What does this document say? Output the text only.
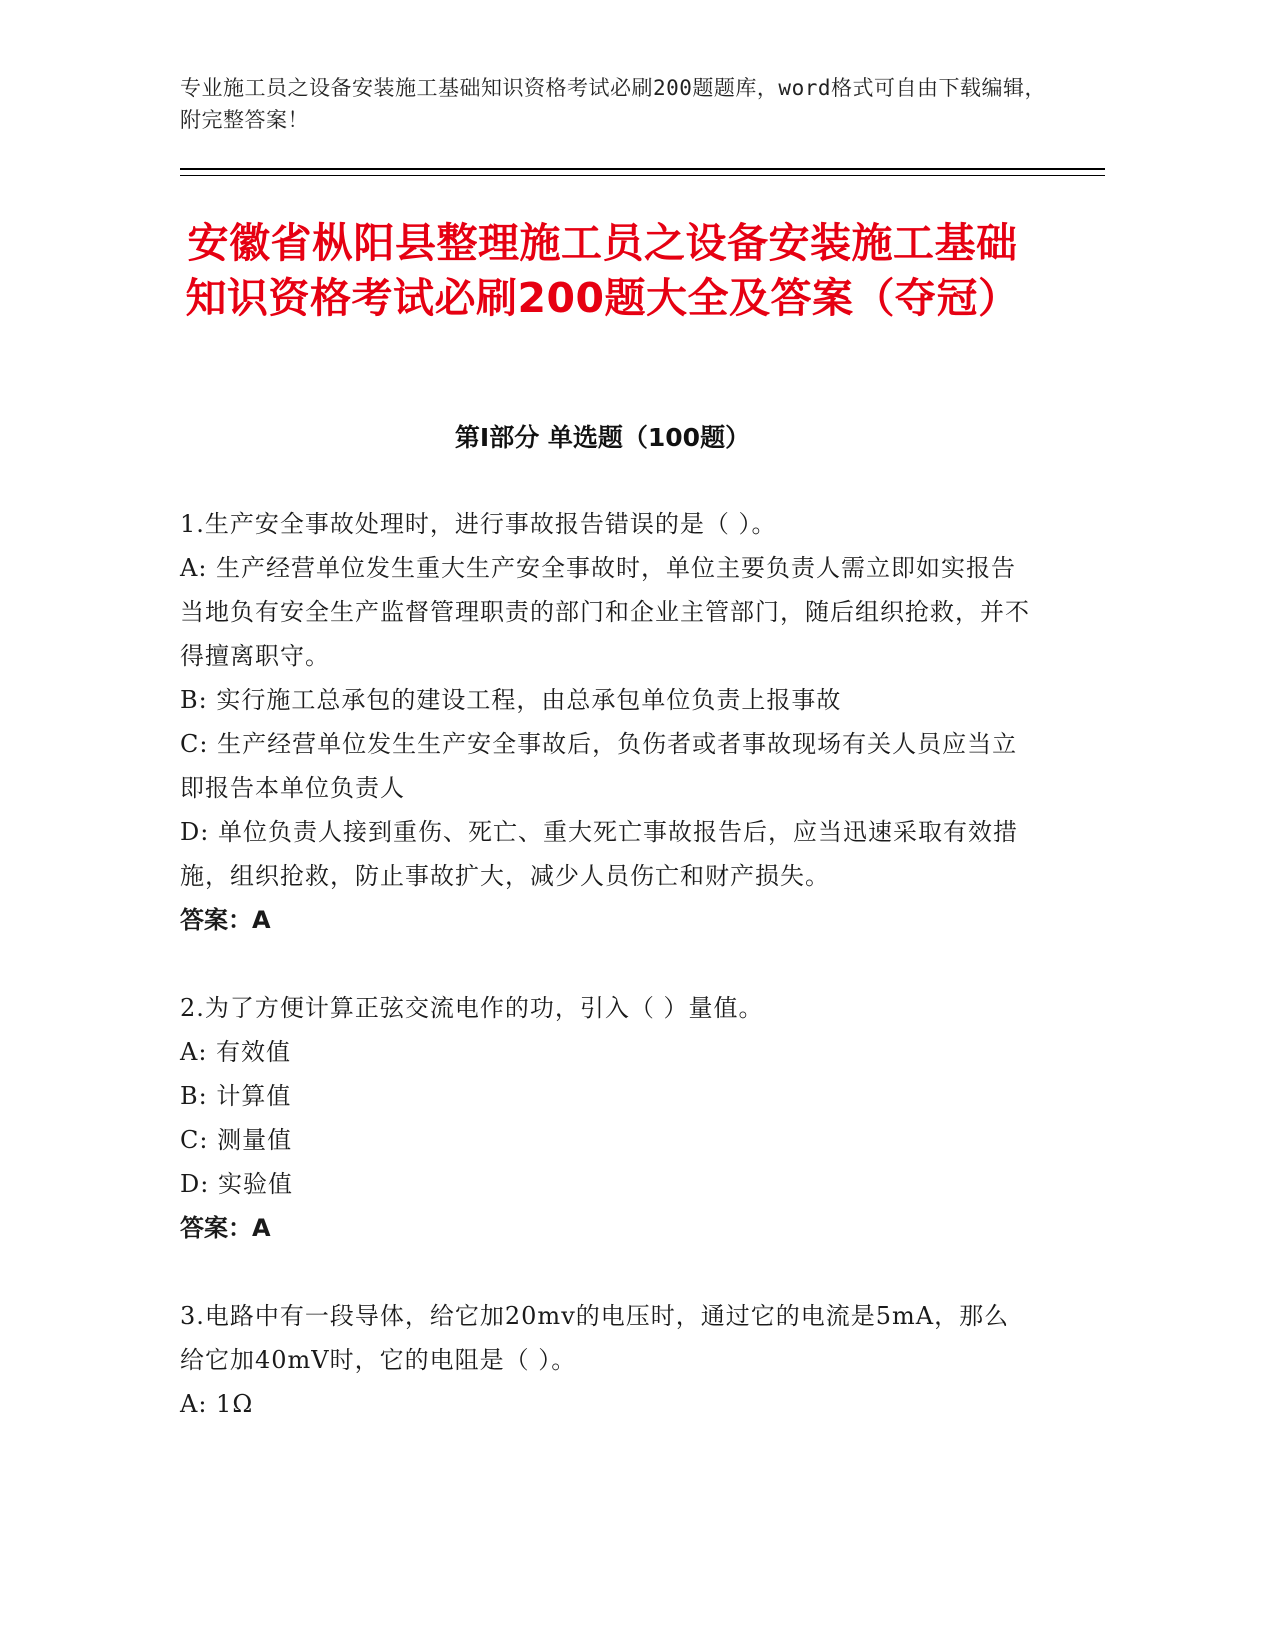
专业施工员之设备安装施工基础知识资格考试必刷200题题库，word格式可自由下载编辑，附完整答案！
安徽省枞阳县整理施工员之设备安装施工基础知识资格考试必刷200题大全及答案（夺冠）
第Ⅰ部分 单选题（100题）

1.生产安全事故处理时，进行事故报告错误的是（ ）。

A: 生产经营单位发生重大生产安全事故时，单位主要负责人需立即如实报告当地负有安全生产监督管理职责的部门和企业主管部门，随后组织抢救，并不得擅离职守。

B: 实行施工总承包的建设工程，由总承包单位负责上报事故

C: 生产经营单位发生生产安全事故后，负伤者或者事故现场有关人员应当立即报告本单位负责人

D: 单位负责人接到重伤、死亡、重大死亡事故报告后，应当迅速采取有效措施，组织抢救，防止事故扩大，减少人员伤亡和财产损失。

答案：A

2.为了方便计算正弦交流电作的功，引入（ ）量值。

A: 有效值

B: 计算值

C: 测量值

D: 实验值

答案：A

3.电路中有一段导体，给它加20mv的电压时，通过它的电流是5mA，那么给它加40mV时，它的电阻是（ ）。

A: 1Ω
